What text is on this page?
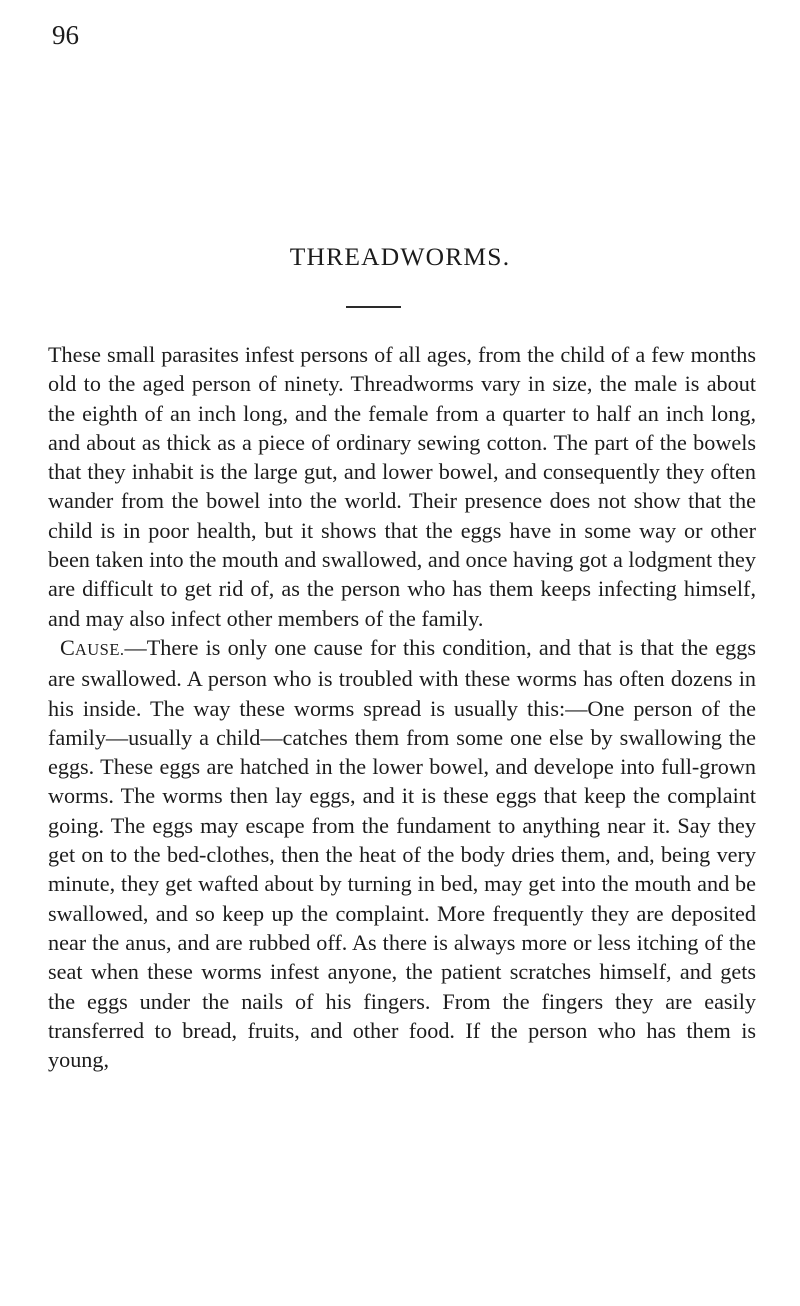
96
THREADWORMS.

These small parasites infest persons of all ages, from the child of a few months old to the aged person of ninety. Threadworms vary in size, the male is about the eighth of an inch long, and the female from a quarter to half an inch long, and about as thick as a piece of ordinary sewing cotton. The part of the bowels that they inhabit is the large gut, and lower bowel, and consequently they often wander from the bowel into the world. Their presence does not show that the child is in poor health, but it shows that the eggs have in some way or other been taken into the mouth and swallowed, and once having got a lodgment they are difficult to get rid of, as the person who has them keeps infecting himself, and may also infect other members of the family.

CAUSE.—There is only one cause for this condition, and that is that the eggs are swallowed. A person who is troubled with these worms has often dozens in his inside. The way these worms spread is usually this:—One person of the family—usually a child—catches them from some one else by swallowing the eggs. These eggs are hatched in the lower bowel, and develope into full-grown worms. The worms then lay eggs, and it is these eggs that keep the complaint going. The eggs may escape from the fundament to anything near it. Say they get on to the bed-clothes, then the heat of the body dries them, and, being very minute, they get wafted about by turning in bed, may get into the mouth and be swallowed, and so keep up the complaint. More frequently they are deposited near the anus, and are rubbed off. As there is always more or less itching of the seat when these worms infest anyone, the patient scratches himself, and gets the eggs under the nails of his fingers. From the fingers they are easily transferred to bread, fruits, and other food. If the person who has them is young,
